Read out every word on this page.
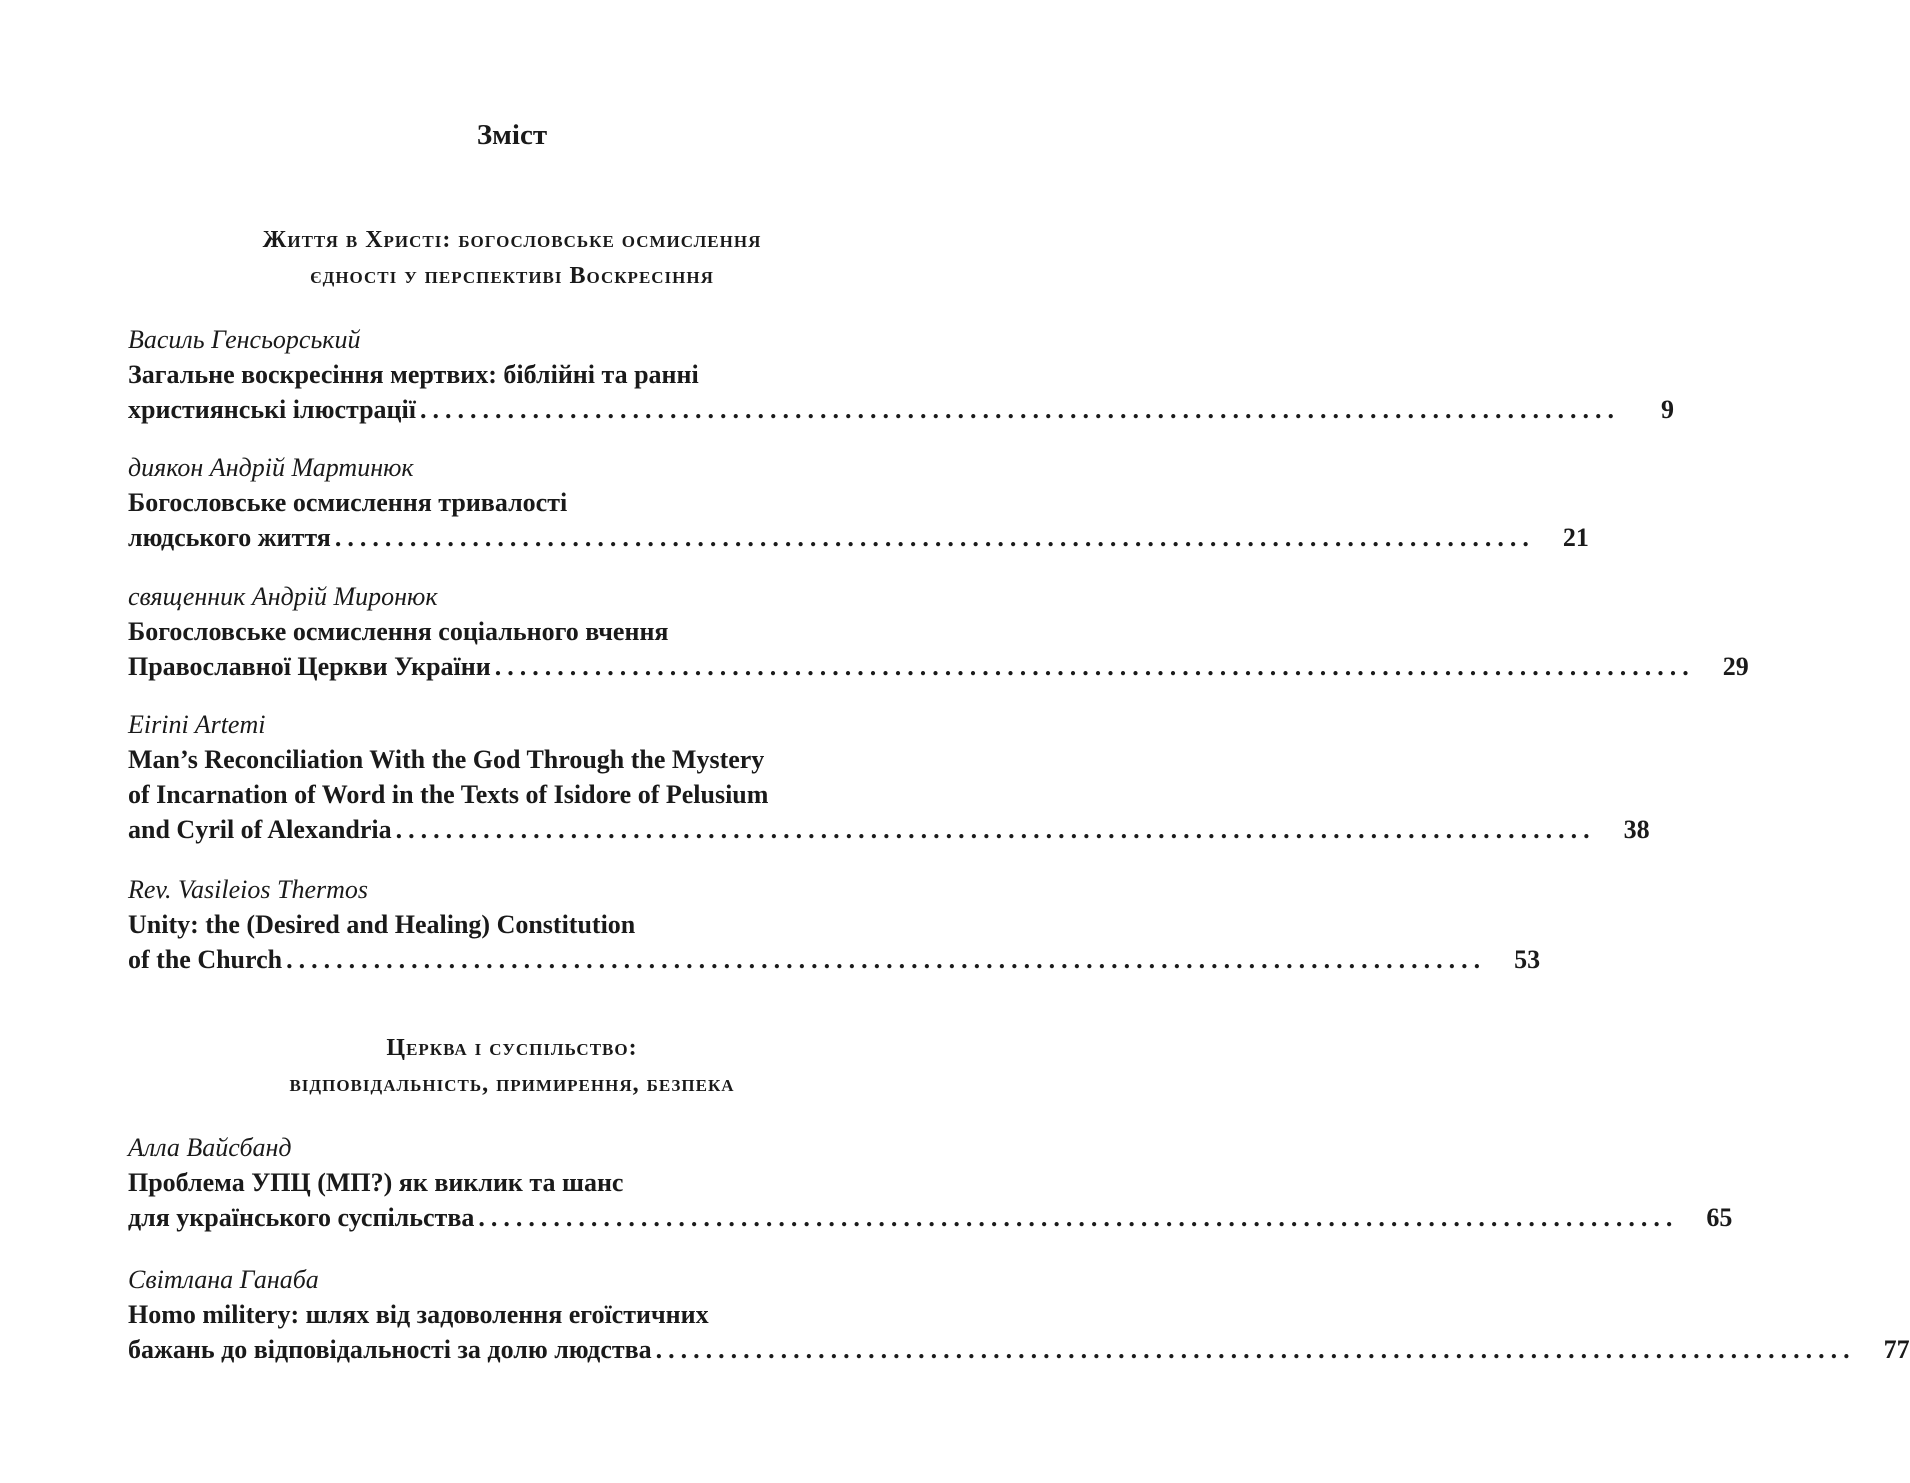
Зміст
Життя в Христі: богословське осмислення
єдності у перспективі Воскресіння
Василь Генсьорський
Загальне воскресіння мертвих: біблійні та ранні
християнські ілюстрації ................................................................................................	9
диякон Андрій Мартинюк
Богословське осмислення тривалості
людського життя ................................................................................................ 21
священник Андрій Миронюк
Богословське осмислення соціального вчення
Православної Церкви України ................................................................................................ 29
Eirini Artemi
Man’s Reconciliation With the God Through the Mystery
of Incarnation of Word in the Texts of Isidore of Pelusium
and Cyril of Alexandria ................................................................................................ 38
Rev. Vasileios Thermos
Unity: the (Desired and Healing) Constitution
of the Church ................................................................................................ 53
Церква і суспільство:
відповідальність, примирення, безпека
Алла Вайсбанд
Проблема УПЦ (МП?) як виклик та шанс
для українського суспільства ................................................................................................ 65
Світлана Ганаба
Homo militery: шлях від задоволення егоїстичних
бажань до відповідальності за долю людства ................................................................................................ 77
